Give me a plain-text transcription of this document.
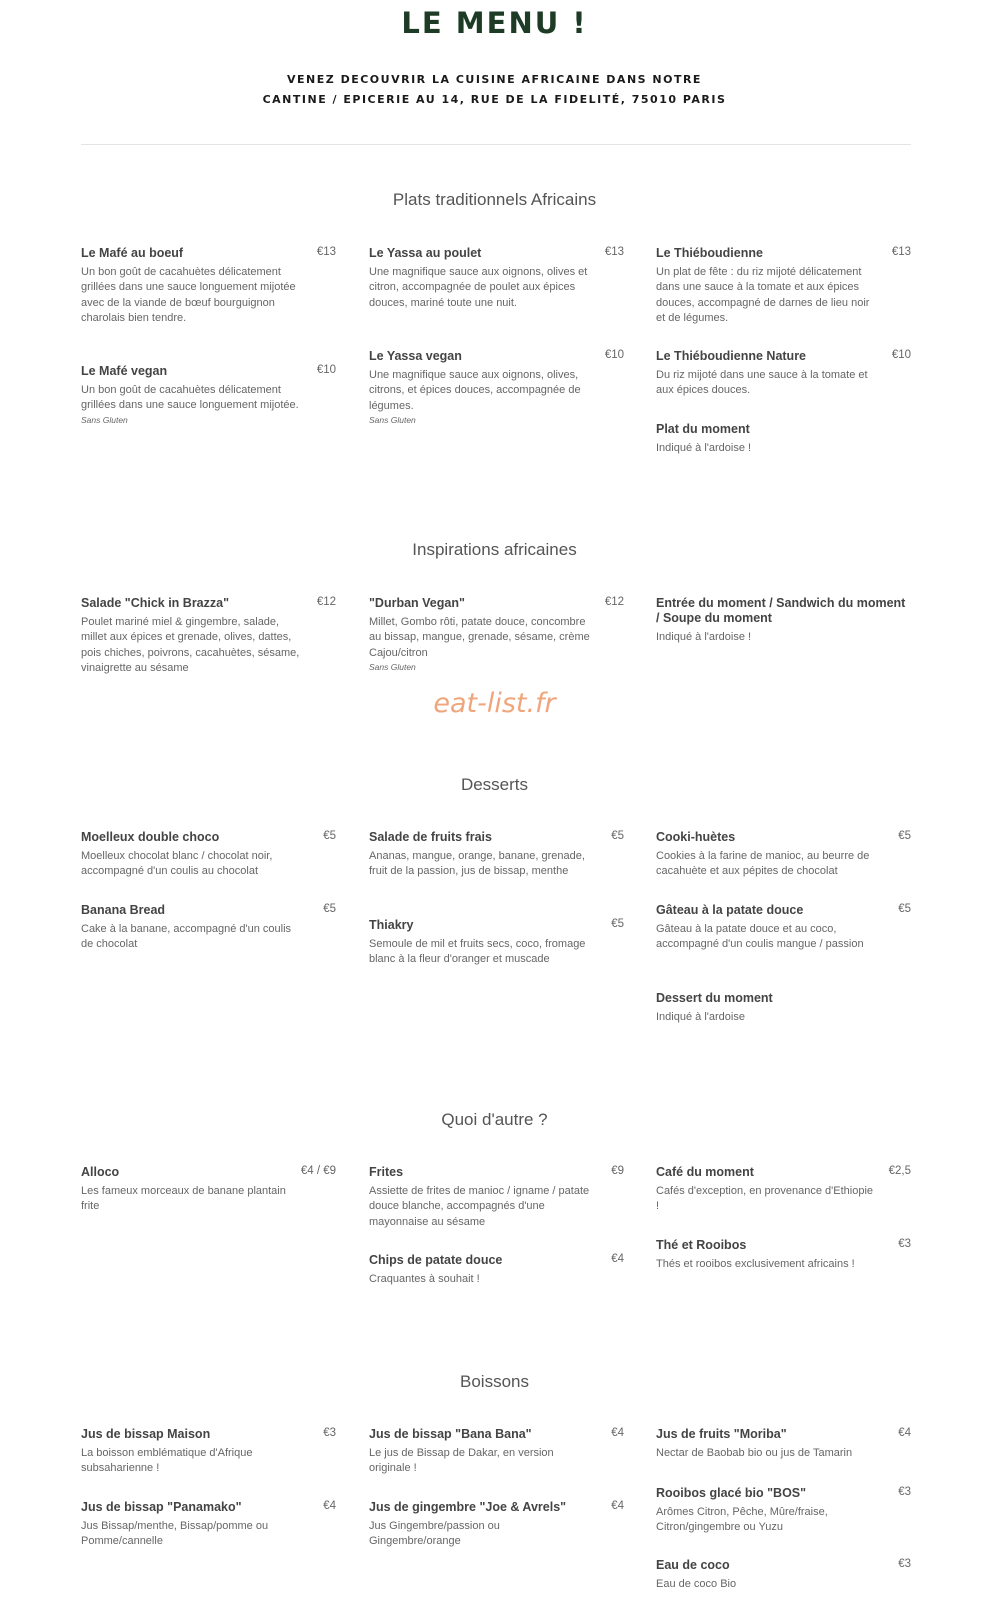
LE MENU !
VENEZ DECOUVRIR LA CUISINE AFRICAINE DANS NOTRE
CANTINE / EPICERIE AU 14, RUE DE LA FIDELITÉ, 75010 PARIS
Plats traditionnels Africains
Le Mafé au boeuf	€13
Un bon goût de cacahuètes délicatement grillées dans une sauce longuement mijotée avec de la viande de bœuf bourguignon charolais bien tendre.
Le Yassa au poulet	€13
Une magnifique sauce aux oignons, olives et citron, accompagnée de poulet aux épices douces, mariné toute une nuit.
Le Thiéboudienne	€13
Un plat de fête : du riz mijoté délicatement dans une sauce à la tomate et aux épices douces, accompagné de darnes de lieu noir et de légumes.
Le Mafé vegan	€10
Un bon goût de cacahuètes délicatement grillées dans une sauce longuement mijotée.
Sans Gluten
Le Yassa vegan	€10
Une magnifique sauce aux oignons, olives, citrons, et épices douces, accompagnée de légumes.
Sans Gluten
Le Thiéboudienne Nature	€10
Du riz mijoté dans une sauce à la tomate et aux épices douces.
Plat du moment
Indiqué à l'ardoise !
Inspirations africaines
Salade "Chick in Brazza"	€12
Poulet mariné miel & gingembre, salade, millet aux épices et grenade, olives, dattes, pois chiches, poivrons, cacahuètes, sésame, vinaigrette au sésame
"Durban Vegan"	€12
Millet, Gombo rôti, patate douce, concombre au bissap, mangue, grenade, sésame, crème Cajou/citron
Sans Gluten
Entrée du moment / Sandwich du moment / Soupe du moment
Indiqué à l'ardoise !
eat-list.fr
Desserts
Moelleux double choco	€5
Moelleux chocolat blanc / chocolat noir, accompagné d'un coulis au chocolat
Salade de fruits frais	€5
Ananas, mangue, orange, banane, grenade, fruit de la passion, jus de bissap, menthe
Cooki-huètes	€5
Cookies à la farine de manioc, au beurre de cacahuète et aux pépites de chocolat
Banana Bread	€5
Cake à la banane, accompagné d'un coulis de chocolat
Thiakry	€5
Semoule de mil et fruits secs, coco, fromage blanc à la fleur d'oranger et muscade
Gâteau à la patate douce	€5
Gâteau à la patate douce et au coco, accompagné d'un coulis mangue / passion
Dessert du moment
Indiqué à l'ardoise
Quoi d'autre ?
Alloco	€4 / €9
Les fameux morceaux de banane plantain frite
Frites	€9
Assiette de frites de manioc / igname / patate douce blanche, accompagnés d'une mayonnaise au sésame
Café du moment	€2,5
Cafés d'exception, en provenance d'Ethiopie !
Chips de patate douce	€4
Craquantes à souhait !
Thé et Rooibos	€3
Thés et rooibos exclusivement africains !
Boissons
Jus de bissap Maison	€3
La boisson emblématique d'Afrique subsaharienne !
Jus de bissap "Bana Bana"	€4
Le jus de Bissap de Dakar, en version originale !
Jus de fruits "Moriba"	€4
Nectar de Baobab bio ou jus de Tamarin
Jus de bissap "Panamako"	€4
Jus Bissap/menthe, Bissap/pomme ou Pomme/cannelle
Jus de gingembre "Joe & Avrels"	€4
Jus Gingembre/passion ou Gingembre/orange
Rooibos glacé bio "BOS"	€3
Arômes Citron, Pêche, Mûre/fraise, Citron/gingembre ou Yuzu
Eau de coco	€3
Eau de coco Bio
